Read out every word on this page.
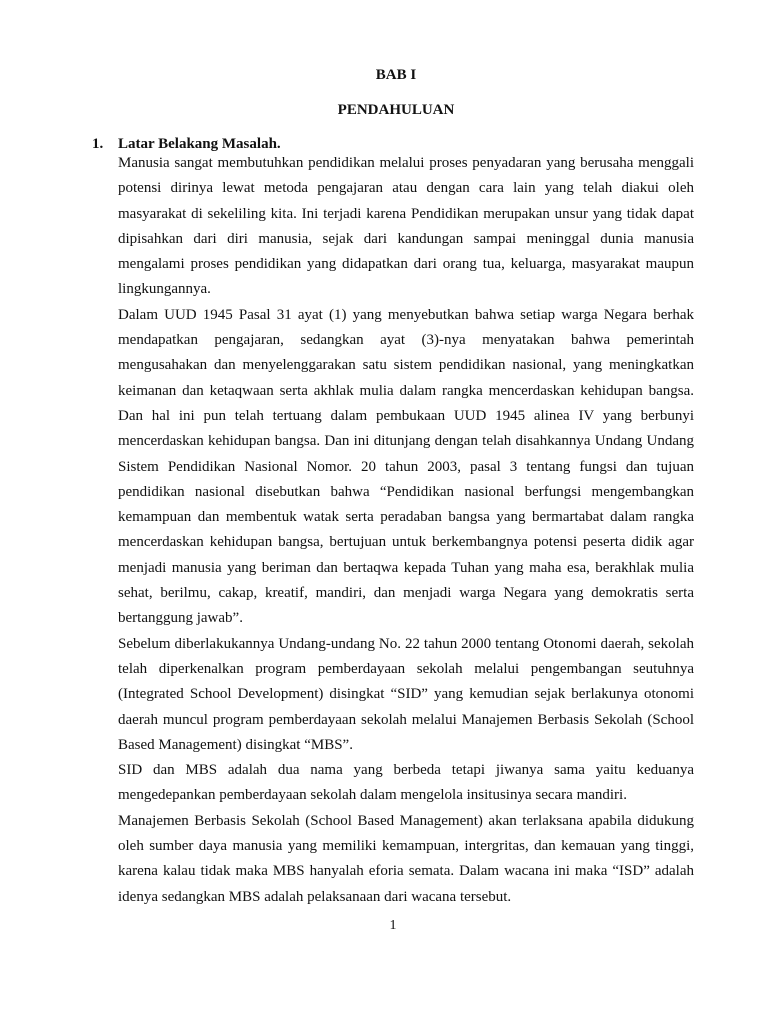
BAB I
PENDAHULUAN
1. Latar Belakang Masalah.

Manusia sangat membutuhkan pendidikan melalui proses penyadaran yang berusaha menggali potensi dirinya lewat metoda pengajaran atau dengan cara lain yang telah diakui oleh masyarakat di sekeliling kita. Ini terjadi karena Pendidikan merupakan unsur yang tidak dapat dipisahkan dari diri manusia, sejak dari kandungan sampai meninggal dunia manusia mengalami proses pendidikan yang didapatkan dari orang tua, keluarga, masyarakat maupun lingkungannya.

Dalam UUD 1945 Pasal 31 ayat (1) yang menyebutkan bahwa setiap warga Negara berhak mendapatkan pengajaran, sedangkan ayat (3)-nya menyatakan bahwa pemerintah mengusahakan dan menyelenggarakan satu sistem pendidikan nasional, yang meningkatkan keimanan dan ketaqwaan serta akhlak mulia dalam rangka mencerdaskan kehidupan bangsa. Dan hal ini pun telah tertuang dalam pembukaan UUD 1945 alinea IV yang berbunyi mencerdaskan kehidupan bangsa. Dan ini ditunjang dengan telah disahkannya Undang Undang Sistem Pendidikan Nasional Nomor. 20 tahun 2003, pasal 3 tentang fungsi dan tujuan pendidikan nasional disebutkan bahwa “Pendidikan nasional berfungsi mengembangkan kemampuan dan membentuk watak serta peradaban bangsa yang bermartabat dalam rangka mencerdaskan kehidupan bangsa, bertujuan untuk berkembangnya potensi peserta didik agar menjadi manusia yang beriman dan bertaqwa kepada Tuhan yang maha esa, berakhlak mulia sehat, berilmu, cakap, kreatif, mandiri, dan menjadi warga Negara yang demokratis serta bertanggung jawab”.

Sebelum diberlakukannya Undang-undang No. 22 tahun 2000 tentang Otonomi daerah, sekolah telah diperkenalkan program pemberdayaan sekolah melalui pengembangan seutuhnya (Integrated School Development) disingkat “SID” yang kemudian sejak berlakunya otonomi daerah muncul program pemberdayaan sekolah melalui Manajemen Berbasis Sekolah (School Based Management) disingkat “MBS”.

SID dan MBS adalah dua nama yang berbeda tetapi jiwanya sama yaitu keduanya mengedepankan pemberdayaan sekolah dalam mengelola insitusinya secara mandiri.

Manajemen Berbasis Sekolah (School Based Management) akan terlaksana apabila didukung oleh sumber daya manusia yang memiliki kemampuan, intergritas, dan kemauan yang tinggi, karena kalau tidak maka MBS hanyalah eforia semata. Dalam wacana ini maka “ISD” adalah idenya sedangkan MBS adalah pelaksanaan dari wacana tersebut.

1
